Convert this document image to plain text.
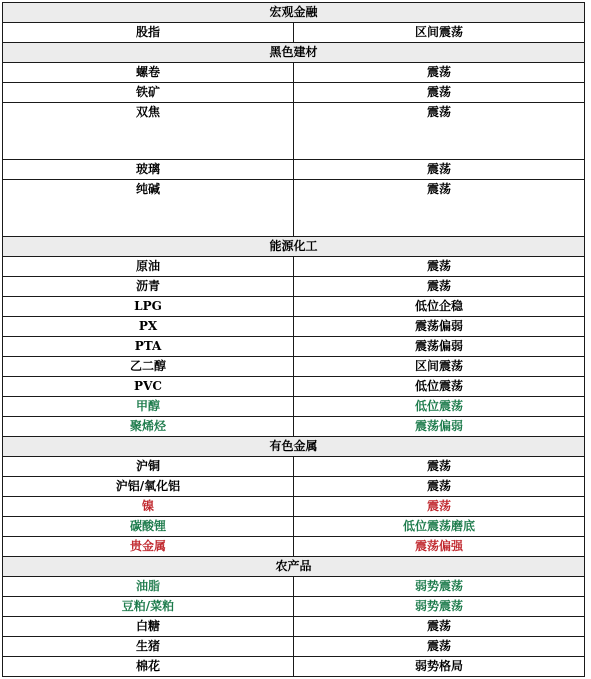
宏观金融	
股指	区间震荡
黑色建材	
螺卷	震荡
铁矿	震荡
双焦	震荡
玻璃	震荡
纯碱	震荡
能源化工	
原油	震荡
沥青	震荡
LPG	低位企稳
PX	震荡偏弱
PTA	震荡偏弱
乙二醇	区间震荡
PVC	低位震荡
甲醇	低位震荡
聚烯烃	震荡偏弱
有色金属	
沪铜	震荡
沪铝/氧化铝	震荡
镍	震荡
碳酸锂	低位震荡磨底
贵金属	震荡偏强
农产品	
油脂	弱势震荡
豆粕/菜粕	弱势震荡
白糖	震荡
生猪	震荡
棉花	弱势格局
